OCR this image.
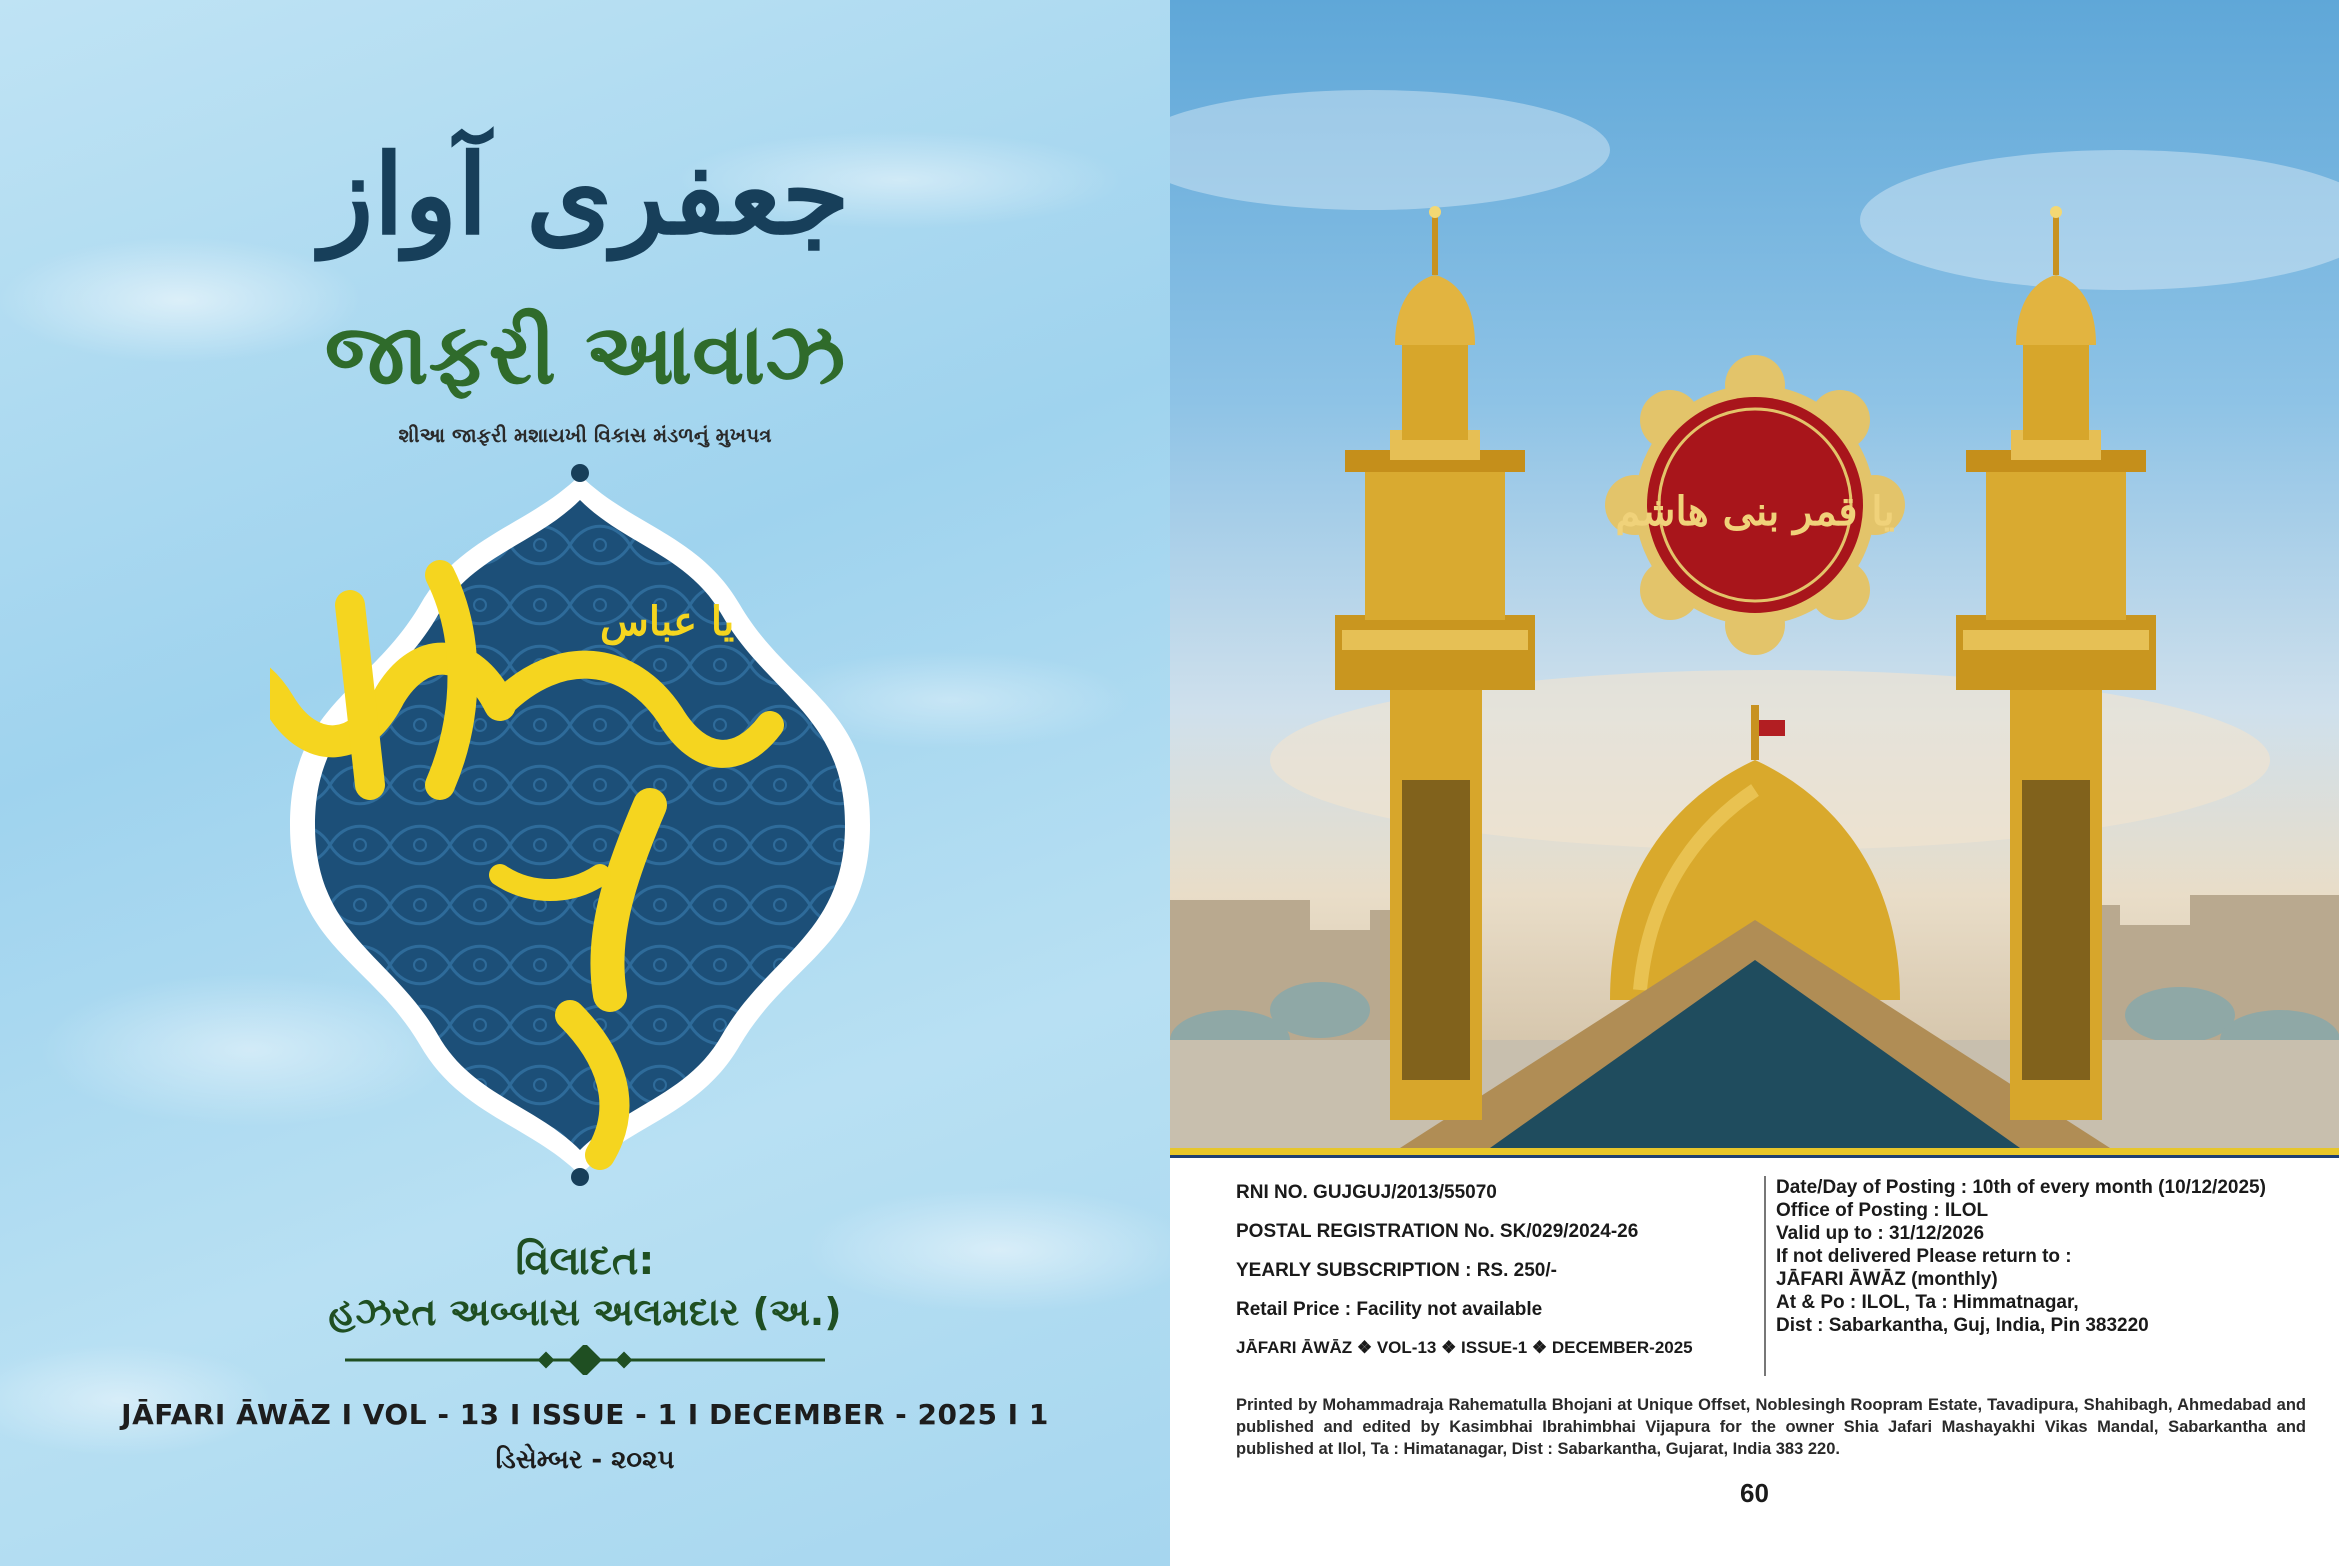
جعفری آواز
જાફરી આવાઝ
શીઆ જાફરી મશાયખી વિકાસ મંડળનું મુખપત્ર
یا عباس
વિલાદત:
હઝરત અબ્બાસ અલમદાર (અ.)
JĀFARI ĀWĀZ I VOL - 13 I ISSUE - 1 I DECEMBER - 2025 I 1
ડિસેમ્બર - ૨૦૨૫
یا قمر بنی هاشم
RNI NO. GUJGUJ/2013/55070
POSTAL REGISTRATION No. SK/029/2024-26
YEARLY SUBSCRIPTION : RS. 250/-
Retail Price : Facility not available
JĀFARI ĀWĀZ ❖ VOL-13 ❖ ISSUE-1 ❖ DECEMBER-2025
Date/Day of Posting : 10th of every month (10/12/2025)
Office of Posting : ILOL
Valid up to : 31/12/2026
If not delivered Please return to :
JĀFARI ĀWĀZ (monthly)
At & Po : ILOL, Ta : Himmatnagar,
Dist : Sabarkantha, Guj, India, Pin 383220
Printed by Mohammadraja Rahematulla Bhojani at Unique Offset, Noblesingh Roopram Estate, Tavadipura, Shahibagh, Ahmedabad and published and edited by Kasimbhai Ibrahimbhai Vijapura for the owner Shia Jafari Mashayakhi Vikas Mandal, Sabarkantha and published at Ilol, Ta : Himatanagar, Dist : Sabarkantha, Gujarat, India 383 220.
60
